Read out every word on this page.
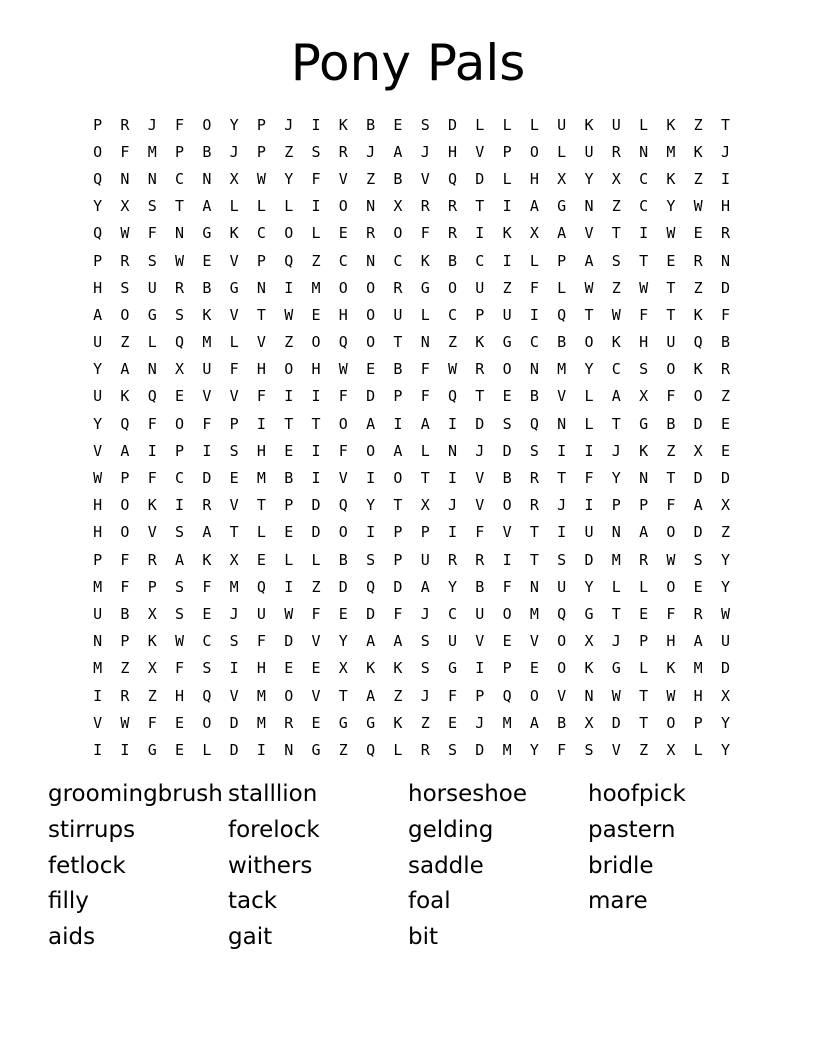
Pony Pals
P	R	J	F	O	Y	P	J	I	K	B	E	S	D	L	L	L	U	K	U	L	K	Z	T
O	F	M	P	B	J	P	Z	S	R	J	A	J	H	V	P	O	L	U	R	N	M	K	J
Q	N	N	C	N	X	W	Y	F	V	Z	B	V	Q	D	L	H	X	Y	X	C	K	Z	I
Y	X	S	T	A	L	L	L	I	O	N	X	R	R	T	I	A	G	N	Z	C	Y	W	H
Q	W	F	N	G	K	C	O	L	E	R	O	F	R	I	K	X	A	V	T	I	W	E	R
P	R	S	W	E	V	P	Q	Z	C	N	C	K	B	C	I	L	P	A	S	T	E	R	N
H	S	U	R	B	G	N	I	M	O	O	R	G	O	U	Z	F	L	W	Z	W	T	Z	D
A	O	G	S	K	V	T	W	E	H	O	U	L	C	P	U	I	Q	T	W	F	T	K	F
U	Z	L	Q	M	L	V	Z	O	Q	O	T	N	Z	K	G	C	B	O	K	H	U	Q	B
Y	A	N	X	U	F	H	O	H	W	E	B	F	W	R	O	N	M	Y	C	S	O	K	R
U	K	Q	E	V	V	F	I	I	F	D	P	F	Q	T	E	B	V	L	A	X	F	O	Z
Y	Q	F	O	F	P	I	T	T	O	A	I	A	I	D	S	Q	N	L	T	G	B	D	E
V	A	I	P	I	S	H	E	I	F	O	A	L	N	J	D	S	I	I	J	K	Z	X	E
W	P	F	C	D	E	M	B	I	V	I	O	T	I	V	B	R	T	F	Y	N	T	D	D
H	O	K	I	R	V	T	P	D	Q	Y	T	X	J	V	O	R	J	I	P	P	F	A	X
H	O	V	S	A	T	L	E	D	O	I	P	P	I	F	V	T	I	U	N	A	O	D	Z
P	F	R	A	K	X	E	L	L	B	S	P	U	R	R	I	T	S	D	M	R	W	S	Y
M	F	P	S	F	M	Q	I	Z	D	Q	D	A	Y	B	F	N	U	Y	L	L	O	E	Y
U	B	X	S	E	J	U	W	F	E	D	F	J	C	U	O	M	Q	G	T	E	F	R	W
N	P	K	W	C	S	F	D	V	Y	A	A	S	U	V	E	V	O	X	J	P	H	A	U
M	Z	X	F	S	I	H	E	E	X	K	K	S	G	I	P	E	O	K	G	L	K	M	D
I	R	Z	H	Q	V	M	O	V	T	A	Z	J	F	P	Q	O	V	N	W	T	W	H	X
V	W	F	E	O	D	M	R	E	G	G	K	Z	E	J	M	A	B	X	D	T	O	P	Y
I	I	G	E	L	D	I	N	G	Z	Q	L	R	S	D	M	Y	F	S	V	Z	X	L	Y
groomingbrush stalllion	horseshoe	hoofpick
stirrups	forelock	gelding	pastern
fetlock	withers	saddle	bridle
filly	tack	foal	mare
aids	gait	bit
